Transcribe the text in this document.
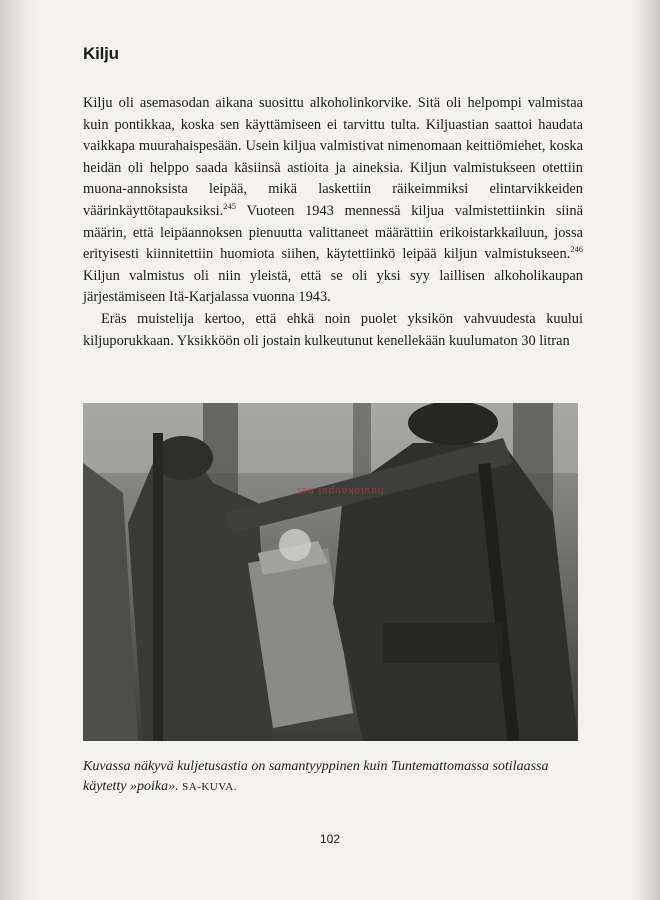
Kilju

Kilju oli asemasodan aikana suosittu alkoholinkorvike. Sitä oli helpompi valmistaa kuin pontikkaa, koska sen käyttämiseen ei tarvittu tulta. Kiljuastian saattoi haudata vaikkapa muurahaispesään. Usein kiljua valmistivat nimenomaan keittiömiehet, koska heidän oli helppo saada käsiinsä astioita ja aineksia. Kiljun valmistukseen otettiin muona-annoksista leipää, mikä laskettiin räikeimmiksi elintarvikkeiden väärinkäyttötapauksiksi.$^{245}$ Vuoteen 1943 mennessä kiljua valmistettiinkin siinä määrin, että leipäannoksen pienuutta valittaneet määrättiin erikoistarkkailuun, jossa erityisesti kiinnitettiin huomiota siihen, käytettiinkö leipää kiljun valmistukseen.$^{246}$ Kiljun valmistus oli niin yleistä, että se oli yksi syy laillisen alkoholikaupan järjestämiseen Itä-Karjalassa vuonna 1943.

Eräs muistelija kertoo, että ehkä noin puolet yksikön vahvuudesta kuului kiljuporukkaan. Yksikköön oli jostain kulkeutunut kenellekään kuulumaton 30 litran

huutokaupat.net
Kuvassa näkyvä kuljetusastia on samantyyppinen kuin Tuntemattomassa sotilaassa käytetty »poika». SA-KUVA.
102
